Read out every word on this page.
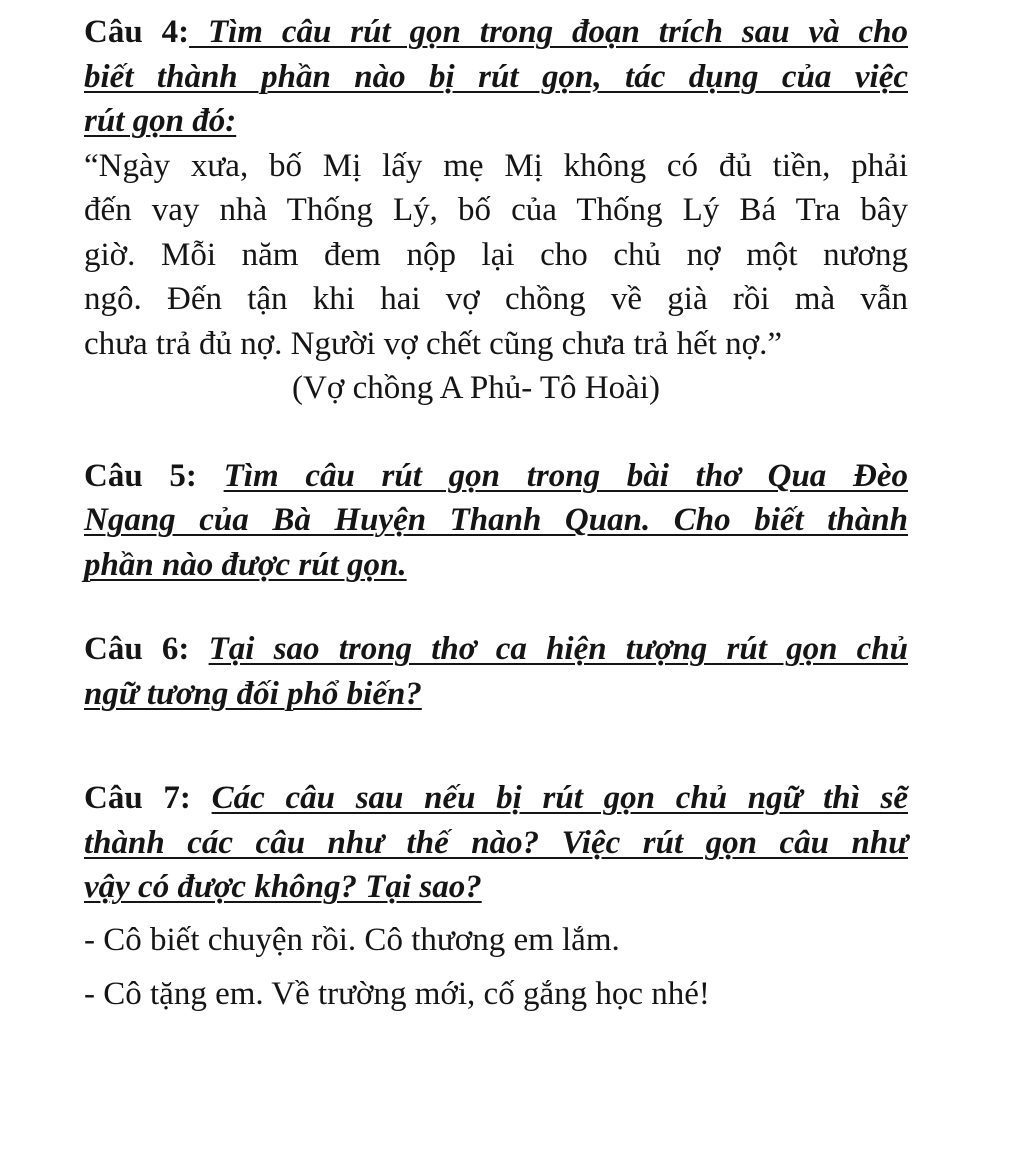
Câu 4: Tìm câu rút gọn trong đoạn trích sau và cho
biết thành phần nào bị rút gọn, tác dụng của việc
rút gọn đó:
“Ngày xưa, bố Mị lấy mẹ Mị không có đủ tiền, phải
đến vay nhà Thống Lý, bố của Thống Lý Bá Tra bây
giờ. Mỗi năm đem nộp lại cho chủ nợ một nương
ngô. Đến tận khi hai vợ chồng về già rồi mà vẫn
chưa trả đủ nợ. Người vợ chết cũng chưa trả hết nợ.”
(Vợ chồng A Phủ- Tô Hoài)
Câu 5: Tìm câu rút gọn trong bài thơ Qua Đèo
Ngang của Bà Huyện Thanh Quan. Cho biết thành
phần nào được rút gọn.
Câu 6: Tại sao trong thơ ca hiện tượng rút gọn chủ
ngữ tương đối phổ biến?
Câu 7: Các câu sau nếu bị rút gọn chủ ngữ thì sẽ
thành các câu như thế nào? Việc rút gọn câu như
vậy có được không? Tại sao?
- Cô biết chuyện rồi. Cô thương em lắm.
- Cô tặng em. Về trường mới, cố gắng học nhé!
